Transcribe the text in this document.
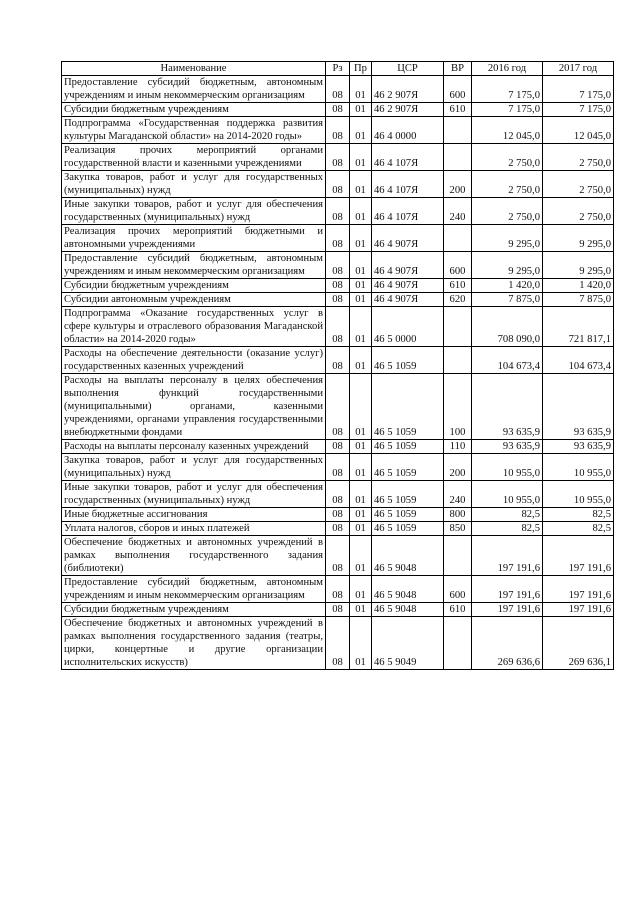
Наименование	Рз	Пр	ЦСР	ВР	2016 год	2017 год
Предоставление субсидий бюджетным, автономным учреждениям и иным некоммерческим организациям	08	01	46 2 907Я	600	7 175,0	7 175,0
Субсидии бюджетным учреждениям	08	01	46 2 907Я	610	7 175,0	7 175,0
Подпрограмма «Государственная поддержка развития культуры Магаданской области» на 2014-2020 годы»	08	01	46 4 0000		12 045,0	12 045,0
Реализация прочих мероприятий органами государственной власти и казенными учреждениями	08	01	46 4 107Я		2 750,0	2 750,0
Закупка товаров, работ и услуг для государственных (муниципальных) нужд	08	01	46 4 107Я	200	2 750,0	2 750,0
Иные закупки товаров, работ и услуг для обеспечения государственных (муниципальных) нужд	08	01	46 4 107Я	240	2 750,0	2 750,0
Реализация прочих мероприятий бюджетными и автономными учреждениями	08	01	46 4 907Я		9 295,0	9 295,0
Предоставление субсидий бюджетным, автономным учреждениям и иным некоммерческим организациям	08	01	46 4 907Я	600	9 295,0	9 295,0
Субсидии бюджетным учреждениям	08	01	46 4 907Я	610	1 420,0	1 420,0
Субсидии автономным учреждениям	08	01	46 4 907Я	620	7 875,0	7 875,0
Подпрограмма «Оказание государственных услуг в сфере культуры и отраслевого образования Магаданской области» на 2014-2020 годы»	08	01	46 5 0000		708 090,0	721 817,1
Расходы на обеспечение деятельности (оказание услуг) государственных казенных учреждений	08	01	46 5 1059		104 673,4	104 673,4
Расходы на выплаты персоналу в целях обеспечения выполнения функций государственными (муниципальными) органами, казенными учреждениями, органами управления государственными внебюджетными фондами	08	01	46 5 1059	100	93 635,9	93 635,9
Расходы на выплаты персоналу казенных учреждений	08	01	46 5 1059	110	93 635,9	93 635,9
Закупка товаров, работ и услуг для государственных (муниципальных) нужд	08	01	46 5 1059	200	10 955,0	10 955,0
Иные закупки товаров, работ и услуг для обеспечения государственных (муниципальных) нужд	08	01	46 5 1059	240	10 955,0	10 955,0
Иные бюджетные ассигнования	08	01	46 5 1059	800	82,5	82,5
Уплата налогов, сборов и иных платежей	08	01	46 5 1059	850	82,5	82,5
Обеспечение бюджетных и автономных учреждений в рамках выполнения государственного задания (библиотеки)	08	01	46 5 9048		197 191,6	197 191,6
Предоставление субсидий бюджетным, автономным учреждениям и иным некоммерческим организациям	08	01	46 5 9048	600	197 191,6	197 191,6
Субсидии бюджетным учреждениям	08	01	46 5 9048	610	197 191,6	197 191,6
Обеспечение бюджетных и автономных учреждений в рамках выполнения государственного задания (театры, цирки, концертные и другие организации исполнительских искусств)	08	01	46 5 9049		269 636,6	269 636,1
